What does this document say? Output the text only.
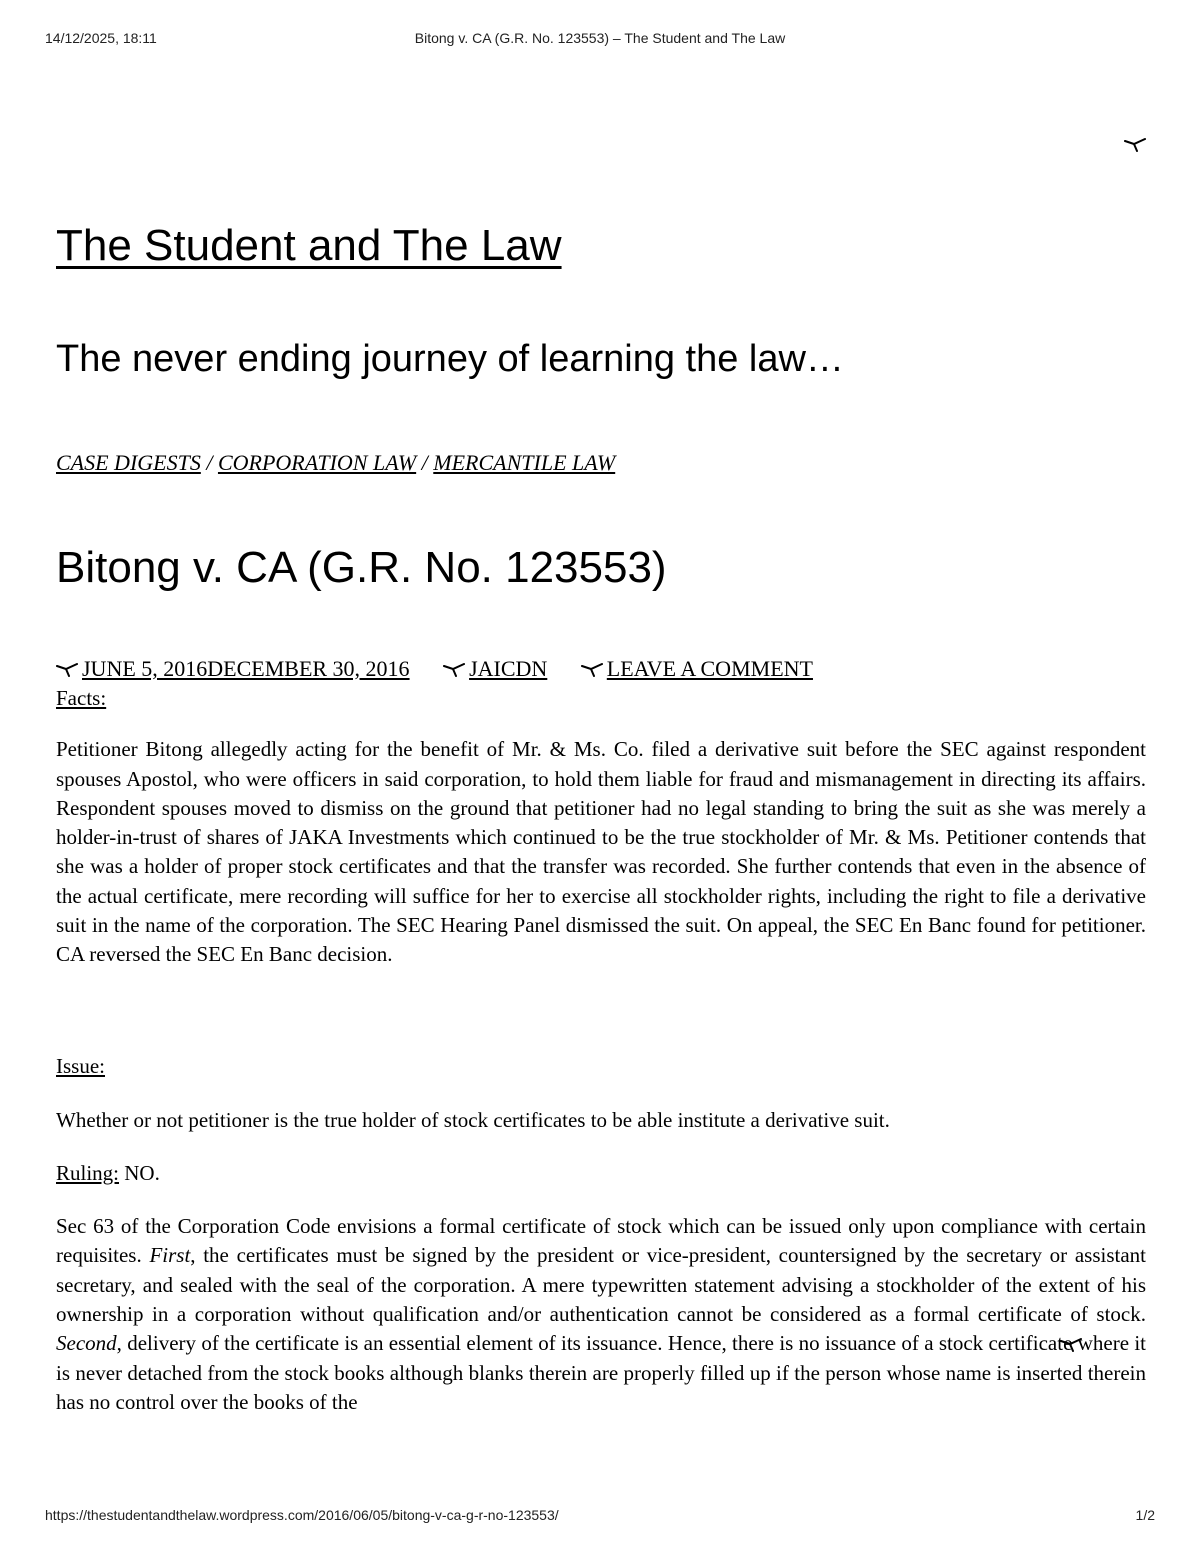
14/12/2025, 18:11	Bitong v. CA (G.R. No. 123553) – The Student and The Law
The Student and The Law
The never ending journey of learning the law…
CASE DIGESTS / CORPORATION LAW / MERCANTILE LAW
Bitong v. CA (G.R. No. 123553)
JUNE 5, 2016DECEMBER 30, 2016
	JAICDN
	LEAVE A COMMENT

Facts:

Petitioner Bitong allegedly acting for the benefit of Mr. & Ms. Co. filed a derivative suit before the SEC against respondent spouses Apostol, who were officers in said corporation, to hold them liable for fraud and mismanagement in directing its affairs. Respondent spouses moved to dismiss on the ground that petitioner had no legal standing to bring the suit as she was merely a holder-in-trust of shares of JAKA Investments which continued to be the true stockholder of Mr. & Ms. Petitioner contends that she was a holder of proper stock certificates and that the transfer was recorded. She further contends that even in the absence of the actual certificate, mere recording will suffice for her to exercise all stockholder rights, including the right to file a derivative suit in the name of the corporation. The SEC Hearing Panel dismissed the suit. On appeal, the SEC En Banc found for petitioner. CA reversed the SEC En Banc decision.

Issue:

Whether or not petitioner is the true holder of stock certificates to be able institute a derivative suit.

Ruling: NO.

Sec 63 of the Corporation Code envisions a formal certificate of stock which can be issued only upon compliance with certain requisites. First, the certificates must be signed by the president or vice-president, countersigned by the secretary or assistant secretary, and sealed with the seal of the corporation. A mere typewritten statement advising a stockholder of the extent of his ownership in a corporation without qualification and/or authentication cannot be considered as a formal certificate of stock. Second, delivery of the certificate is an essential element of its issuance. Hence, there is no issuance of a stock certificate where it is never detached from the stock books although blanks therein are properly filled up if the person whose name is inserted therein has no control over the books of the

https://thestudentandthelaw.wordpress.com/2016/06/05/bitong-v-ca-g-r-no-123553/	1/2
